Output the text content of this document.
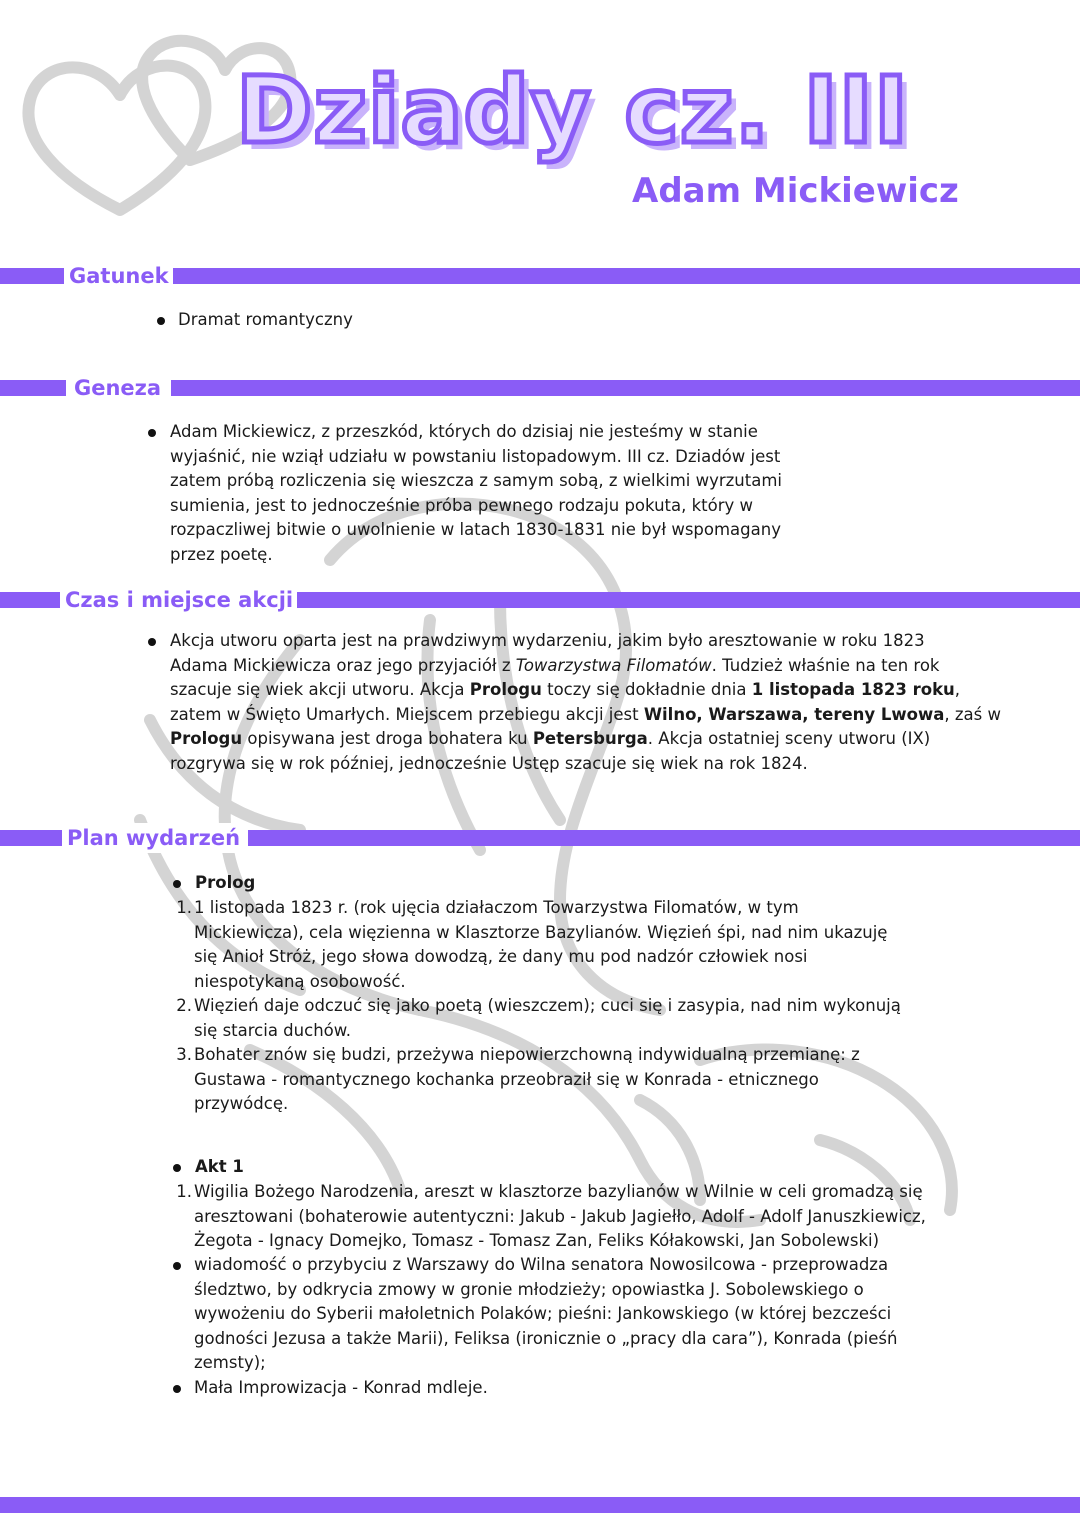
Dziady cz. III
Adam Mickiewicz
Gatunek
Dramat romantyczny
Geneza

Adam Mickiewicz, z przeszkód, których do dzisiaj nie jesteśmy w stanie

wyjaśnić, nie wziął udziału w powstaniu listopadowym. III cz. Dziadów jest

zatem próbą rozliczenia się wieszcza z samym sobą, z wielkimi wyrzutami

sumienia, jest to jednocześnie próba pewnego rodzaju pokuta, który w

rozpaczliwej bitwie o uwolnienie w latach 1830-1831 nie był wspomagany

przez poetę.

Czas i miejsce akcji

Akcja utworu oparta jest na prawdziwym wydarzeniu, jakim było aresztowanie w roku 1823

Adama Mickiewicza oraz jego przyjaciół z Towarzystwa Filomatów. Tudzież właśnie na ten rok

szacuje się wiek akcji utworu. Akcja Prologu toczy się dokładnie dnia 1 listopada 1823 roku,

zatem w Święto Umarłych. Miejscem przebiegu akcji jest Wilno, Warszawa, tereny Lwowa, zaś w

Prologu opisywana jest droga bohatera ku Petersburga. Akcja ostatniej sceny utworu (IX)

rozgrywa się w rok później, jednocześnie Ustęp szacuje się wiek na rok 1824.

Plan wydarzeń
Prolog
1. 1 listopada 1823 r. (rok ujęcia działaczom Towarzystwa Filomatów, w tym

Mickiewicza), cela więzienna w Klasztorze Bazylianów. Więzień śpi, nad nim ukazuję

się Anioł Stróż, jego słowa dowodzą, że dany mu pod nadzór człowiek nosi

niespotykaną osobowość.

2. Więzień daje odczuć się jako poetą (wieszczem); cuci się i zasypia, nad nim wykonują

się starcia duchów.

3. Bohater znów się budzi, przeżywa niepowierzchowną indywidualną przemianę: z

Gustawa - romantycznego kochanka przeobraził się w Konrada - etnicznego

przywódcę.

Akt 1
1. Wigilia Bożego Narodzenia, areszt w klasztorze bazylianów w Wilnie w celi gromadzą się

aresztowani (bohaterowie autentyczni: Jakub - Jakub Jagiełło, Adolf - Adolf Januszkiewicz,

Żegota - Ignacy Domejko, Tomasz - Tomasz Zan, Feliks Kółakowski, Jan Sobolewski)

wiadomość o przybyciu z Warszawy do Wilna senatora Nowosilcowa - przeprowadza

śledztwo, by odkrycia zmowy w gronie młodzieży; opowiastka J. Sobolewskiego o

wywożeniu do Syberii małoletnich Polaków; pieśni: Jankowskiego (w której bezcześci

godności Jezusa a także Marii), Feliksa (ironicznie o „pracy dla cara”), Konrada (pieśń

zemsty);

Mała Improwizacja - Konrad mdleje.
